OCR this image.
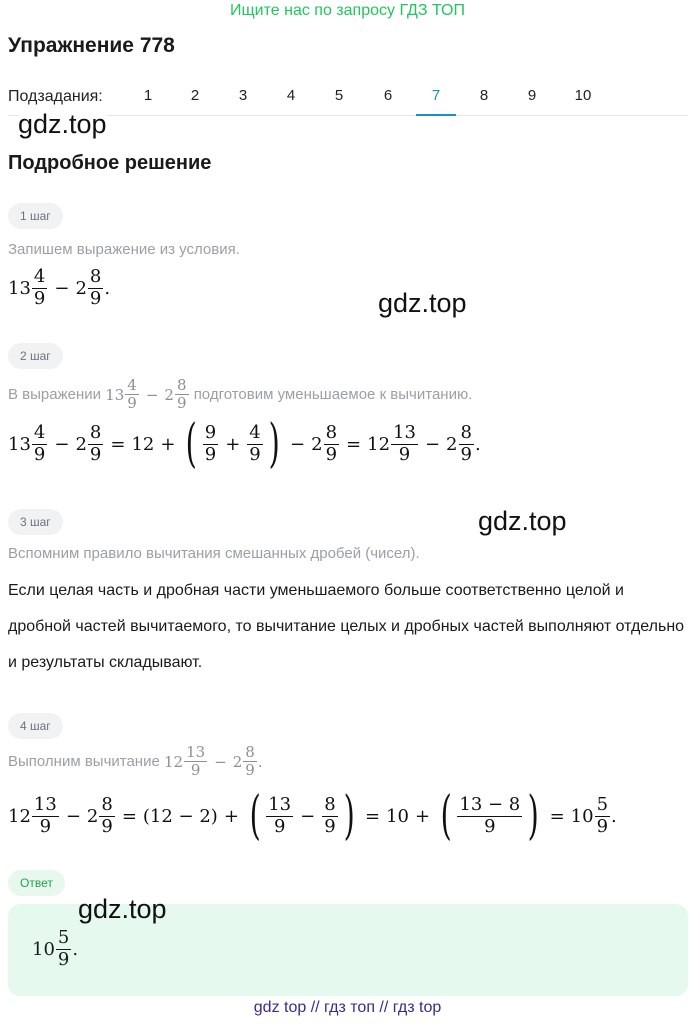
Ищите нас по запросу ГДЗ ТОП
Упражнение 778
Подзадания:	1	2	3	4	5	6	7	8	9	10
gdz.top
Подробное решение
1 шаг
Запишем выражение из условия.
13
4
9 − 2
8
9 .	gdz.top
2 шаг
В выражении
13
4
9 − 2
8
9
подготовим уменьшаемое к вычитанию.
13
4
$9 - 2 \frac{8}{9} = 12$ + ( 9
$9 + \frac{4}{9}$ ) − $2 \frac{8}{9} = 12$
13
9 − 2
8
9 .
gdz.top
3 шаг
Вспомним правило вычитания смешанных дробей (чисел).
Если целая часть и дробная части уменьшаемого больше соответственно целой и дробной частей вычитаемого, то вычитание целых и дробных частей выполняют отдельно и результаты складывают.
4 шаг
Выполним вычитание
12
13
9 − 2
8
9 .
12
13
$9 - 2 \frac{8}{9} = (12 - 2)$ + ( 13
$9 - \frac{8}{9}$ ) = 10 + ( 13 − 8
9 ) = 10
5
9 .
Ответ
10
5
9 .
gdz.top
gdz top // гдз топ // гдз top
